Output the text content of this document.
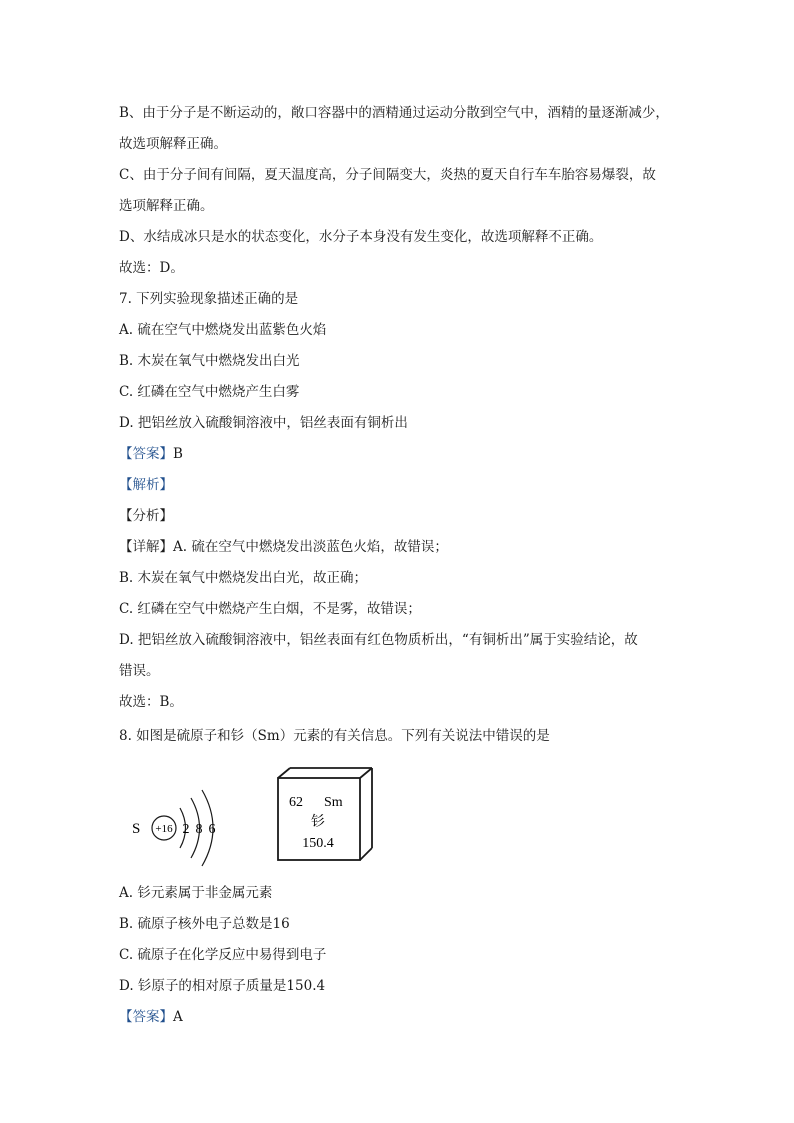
B、由于分子是不断运动的，敞口容器中的酒精通过运动分散到空气中，酒精的量逐渐减少，
故选项解释正确。
C、由于分子间有间隔，夏天温度高，分子间隔变大，炎热的夏天自行车车胎容易爆裂，故
选项解释正确。
D、水结成冰只是水的状态变化，水分子本身没有发生变化，故选项解释不正确。
故选：D。
7. 下列实验现象描述正确的是
A. 硫在空气中燃烧发出蓝紫色火焰
B. 木炭在氧气中燃烧发出白光
C. 红磷在空气中燃烧产生白雾
D. 把铝丝放入硫酸铜溶液中，铝丝表面有铜析出
【答案】B
【解析】
【分析】
【详解】A. 硫在空气中燃烧发出淡蓝色火焰，故错误；
B. 木炭在氧气中燃烧发出白光，故正确；
C. 红磷在空气中燃烧产生白烟，不是雾，故错误；
D. 把铝丝放入硫酸铜溶液中，铝丝表面有红色物质析出，“有铜析出”属于实验结论，故
错误。
故选：B。
8. 如图是硫原子和钐（Sm）元素的有关信息。下列有关说法中错误的是
S +16 2 8 6
62 Sm
钐
150.4
A. 钐元素属于非金属元素
B. 硫原子核外电子总数是16
C. 硫原子在化学反应中易得到电子
D. 钐原子的相对原子质量是150.4
【答案】A
